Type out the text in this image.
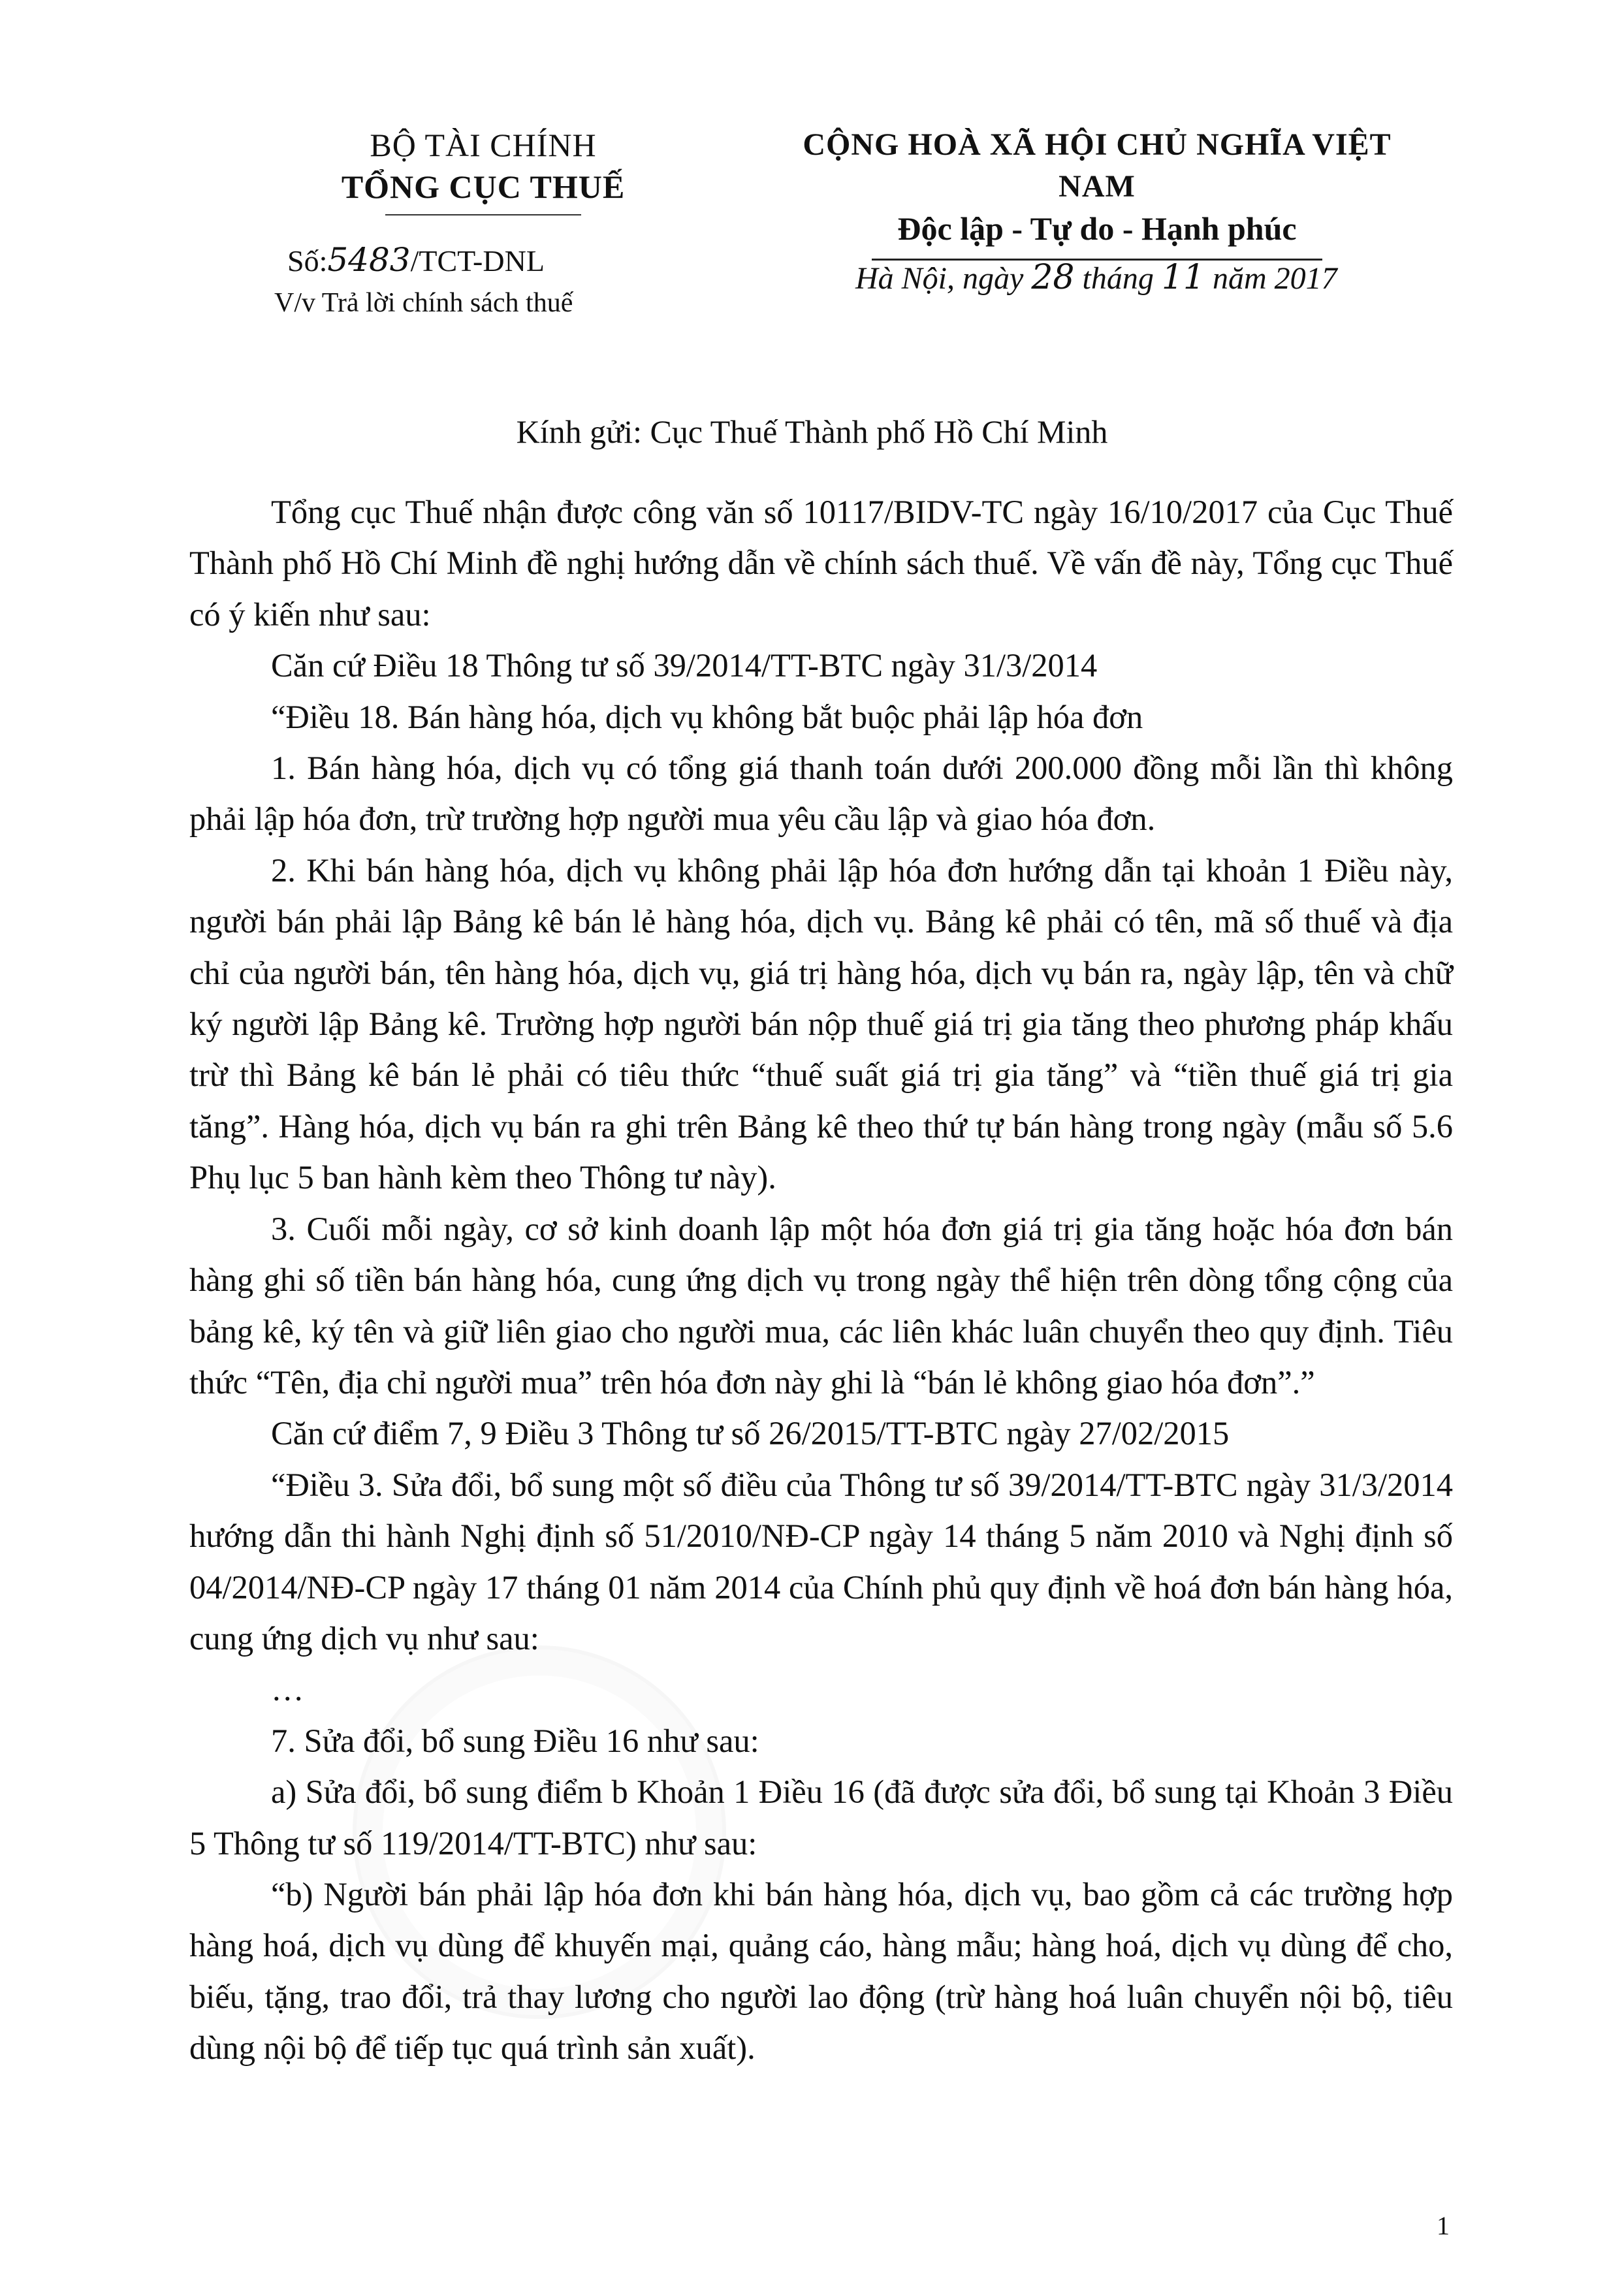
BỘ TÀI CHÍNH
TỔNG CỤC THUẾ
CỘNG HOÀ XÃ HỘI CHỦ NGHĨA VIỆT NAM
Độc lập - Tự do - Hạnh phúc
Số:5483/TCT-DNL
V/v Trả lời chính sách thuế
Hà Nội, ngày 28 tháng 11 năm 2017
Kính gửi: Cục Thuế Thành phố Hồ Chí Minh

Tổng cục Thuế nhận được công văn số 10117/BIDV-TC ngày 16/10/2017 của Cục Thuế Thành phố Hồ Chí Minh đề nghị hướng dẫn về chính sách thuế. Về vấn đề này, Tổng cục Thuế có ý kiến như sau:

Căn cứ Điều 18 Thông tư số 39/2014/TT-BTC ngày 31/3/2014

“Điều 18. Bán hàng hóa, dịch vụ không bắt buộc phải lập hóa đơn

1. Bán hàng hóa, dịch vụ có tổng giá thanh toán dưới 200.000 đồng mỗi lần thì không phải lập hóa đơn, trừ trường hợp người mua yêu cầu lập và giao hóa đơn.

2. Khi bán hàng hóa, dịch vụ không phải lập hóa đơn hướng dẫn tại khoản 1 Điều này, người bán phải lập Bảng kê bán lẻ hàng hóa, dịch vụ. Bảng kê phải có tên, mã số thuế và địa chỉ của người bán, tên hàng hóa, dịch vụ, giá trị hàng hóa, dịch vụ bán ra, ngày lập, tên và chữ ký người lập Bảng kê. Trường hợp người bán nộp thuế giá trị gia tăng theo phương pháp khấu trừ thì Bảng kê bán lẻ phải có tiêu thức “thuế suất giá trị gia tăng” và “tiền thuế giá trị gia tăng”. Hàng hóa, dịch vụ bán ra ghi trên Bảng kê theo thứ tự bán hàng trong ngày (mẫu số 5.6 Phụ lục 5 ban hành kèm theo Thông tư này).

3. Cuối mỗi ngày, cơ sở kinh doanh lập một hóa đơn giá trị gia tăng hoặc hóa đơn bán hàng ghi số tiền bán hàng hóa, cung ứng dịch vụ trong ngày thể hiện trên dòng tổng cộng của bảng kê, ký tên và giữ liên giao cho người mua, các liên khác luân chuyển theo quy định. Tiêu thức “Tên, địa chỉ người mua” trên hóa đơn này ghi là “bán lẻ không giao hóa đơn”.”

Căn cứ điểm 7, 9 Điều 3 Thông tư số 26/2015/TT-BTC ngày 27/02/2015

“Điều 3. Sửa đổi, bổ sung một số điều của Thông tư số 39/2014/TT-BTC ngày 31/3/2014 hướng dẫn thi hành Nghị định số 51/2010/NĐ-CP ngày 14 tháng 5 năm 2010 và Nghị định số 04/2014/NĐ-CP ngày 17 tháng 01 năm 2014 của Chính phủ quy định về hoá đơn bán hàng hóa, cung ứng dịch vụ như sau:

…

7. Sửa đổi, bổ sung Điều 16 như sau:

a) Sửa đổi, bổ sung điểm b Khoản 1 Điều 16 (đã được sửa đổi, bổ sung tại Khoản 3 Điều 5 Thông tư số 119/2014/TT-BTC) như sau:

“b) Người bán phải lập hóa đơn khi bán hàng hóa, dịch vụ, bao gồm cả các trường hợp hàng hoá, dịch vụ dùng để khuyến mại, quảng cáo, hàng mẫu; hàng hoá, dịch vụ dùng để cho, biếu, tặng, trao đổi, trả thay lương cho người lao động (trừ hàng hoá luân chuyển nội bộ, tiêu dùng nội bộ để tiếp tục quá trình sản xuất).

1
